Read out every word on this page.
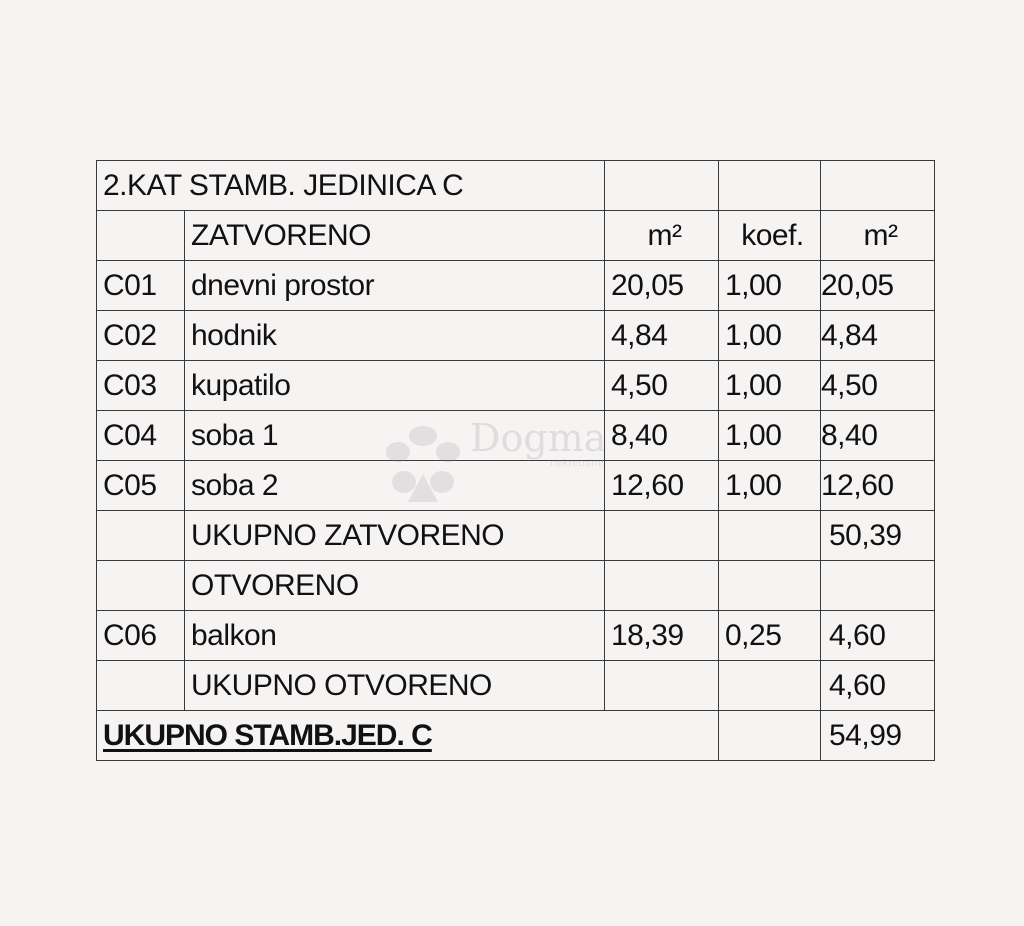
2.KAT STAMB. JEDINICA C				
	ZATVORENO	m²	koef.	m²
C01	dnevni prostor	20,05	1,00	20,05
C02	hodnik	4,84	1,00	4,84
C03	kupatilo	4,50	1,00	4,50
C04	soba 1	8,40	1,00	8,40
C05	soba 2	12,60	1,00	12,60
	UKUPNO ZATVORENO			50,39
	OTVORENO			
C06	balkon	18,39	0,25	4,60
	UKUPNO OTVORENO			4,60
UKUPNO STAMB.JED. C				54,99
Dogma
nekretnine
